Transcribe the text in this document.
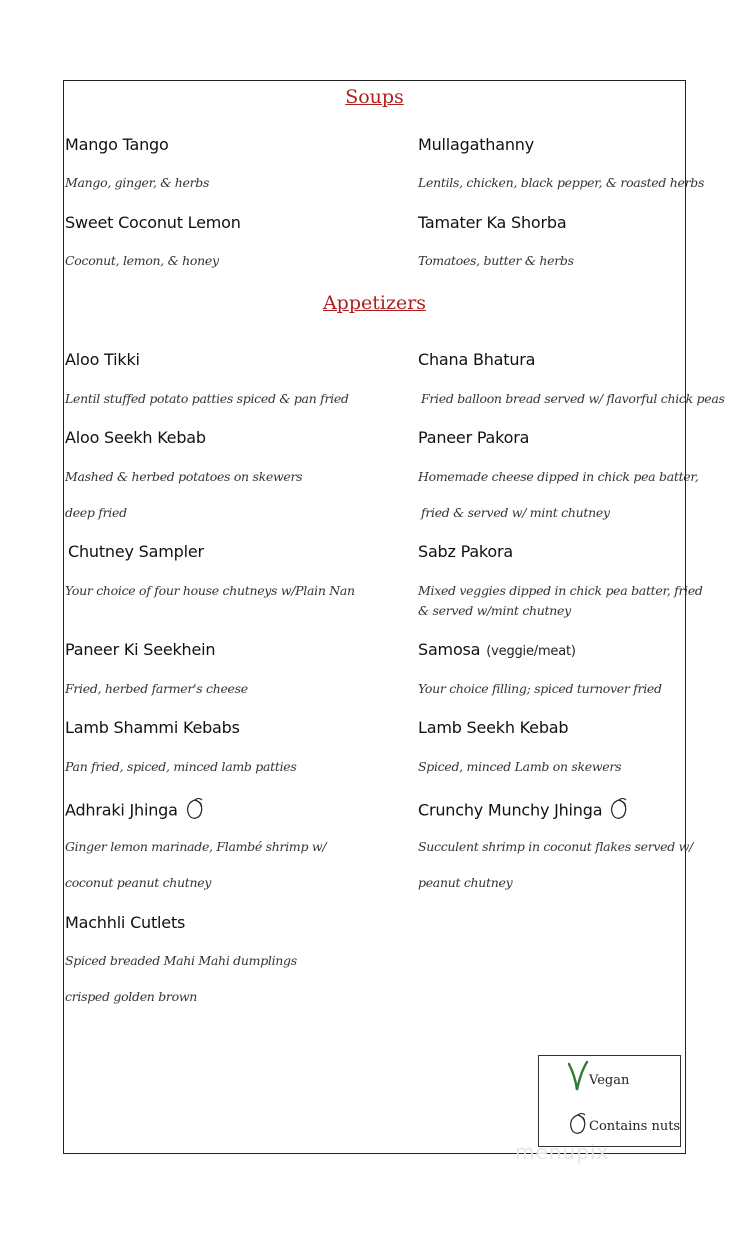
Soups
Mango Tango
Mango, ginger, & herbs
Mullagathanny
Lentils, chicken, black pepper, & roasted herbs
Sweet Coconut Lemon
Coconut, lemon, & honey
Tamater Ka Shorba
Tomatoes, butter & herbs
Appetizers
Aloo Tikki
Lentil stuffed potato patties spiced & pan fried
Chana Bhatura
Fried balloon bread served w/ flavorful chick peas
Aloo Seekh Kebab
Mashed & herbed potatoes on skewers
deep fried
Paneer Pakora
Homemade cheese dipped in chick pea batter,
fried & served w/ mint chutney
Chutney Sampler
Your choice of four house chutneys w/Plain Nan
Sabz Pakora
Mixed veggies dipped in chick pea batter, fried
& served w/mint chutney
Paneer Ki Seekhein
Fried, herbed farmer's cheese
Samosa (veggie/meat)
Your choice filling; spiced turnover fried
Lamb Shammi Kebabs
Pan fried, spiced, minced lamb patties
Lamb Seekh Kebab
Spiced, minced Lamb on skewers
Adhraki Jhinga
Ginger lemon marinade, Flambé shrimp w/
coconut peanut chutney
Crunchy Munchy Jhinga
Succulent shrimp in coconut flakes served w/
peanut chutney
Machhli Cutlets
Spiced breaded Mahi Mahi dumplings
crisped golden brown
Vegan
Contains nuts
menupix
